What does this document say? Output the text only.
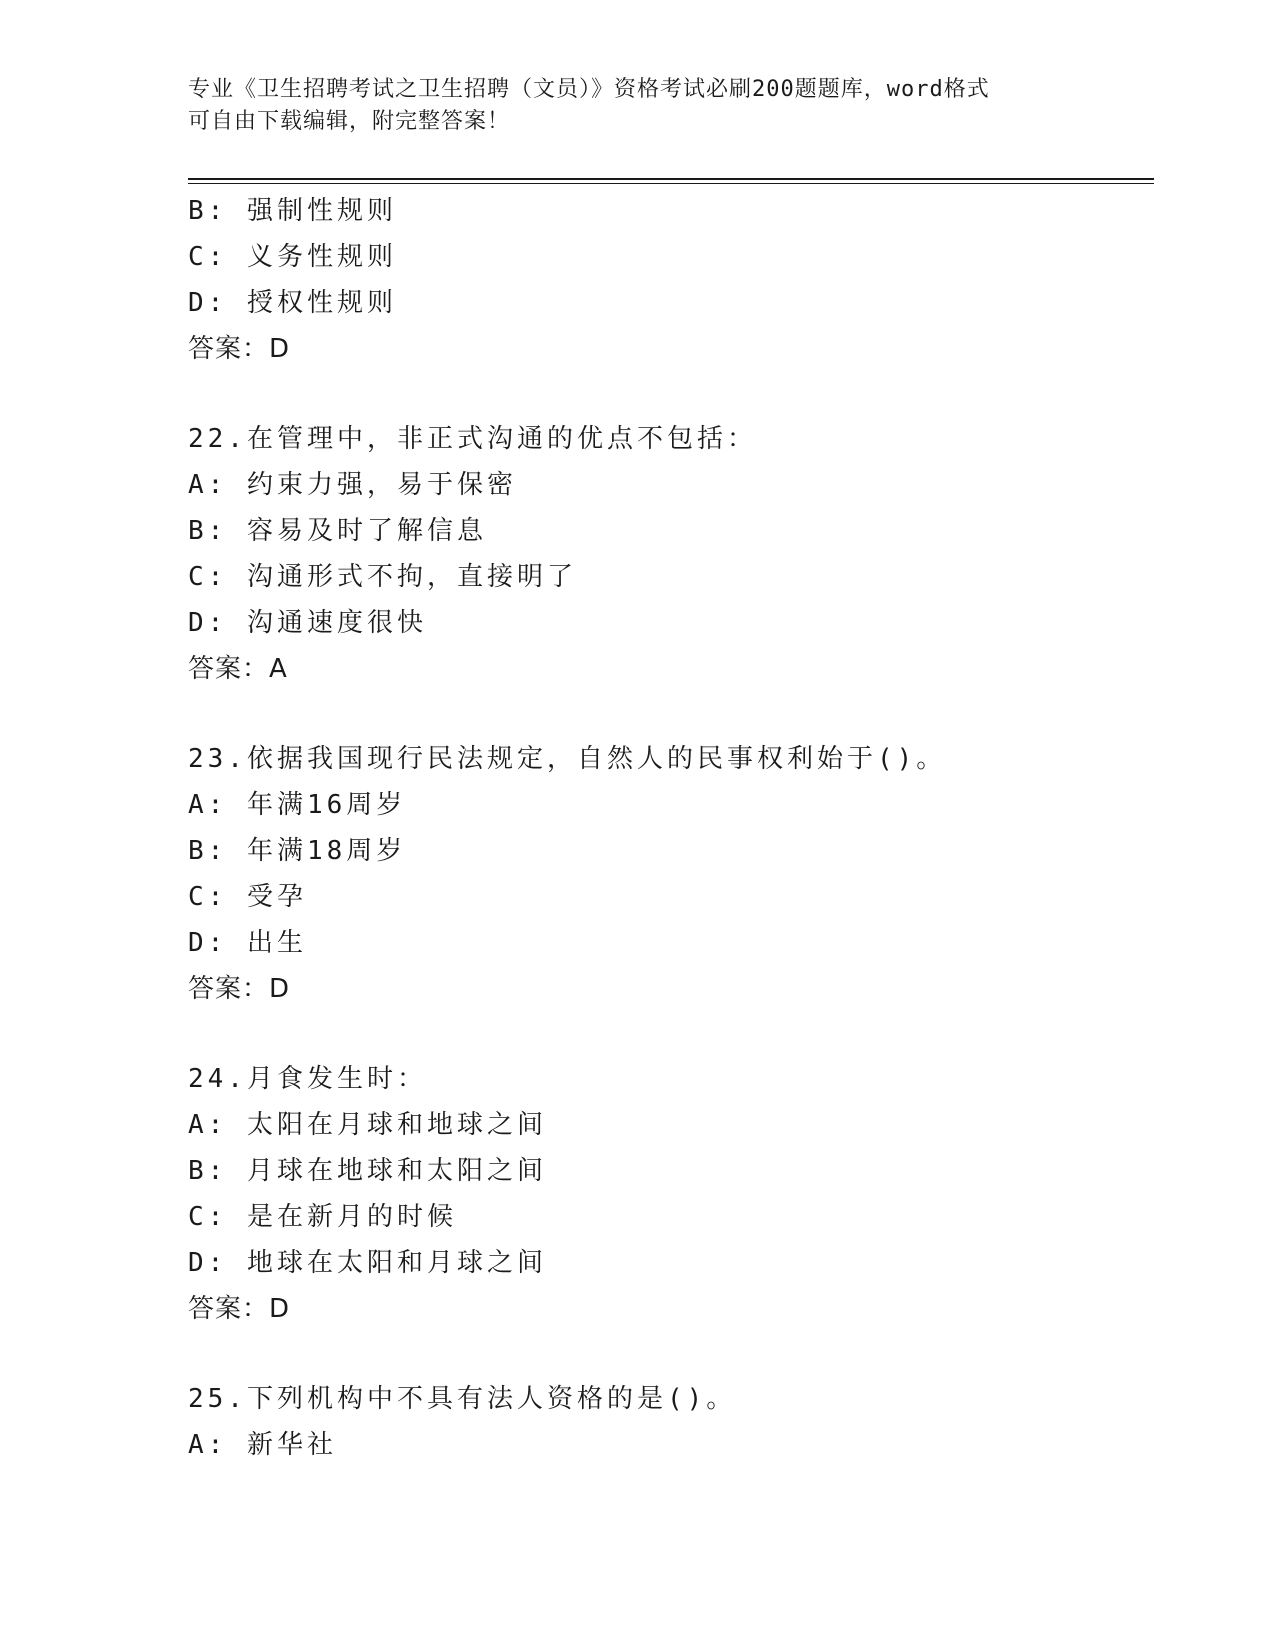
专业《卫生招聘考试之卫生招聘（文员）》资格考试必刷200题题库，word格式
可自由下载编辑，附完整答案！
B: 强制性规则
C: 义务性规则
D: 授权性规则
答案：D
22.在管理中，非正式沟通的优点不包括：
A: 约束力强，易于保密
B: 容易及时了解信息
C: 沟通形式不拘，直接明了
D: 沟通速度很快
答案：A
23.依据我国现行民法规定，自然人的民事权利始于()。
A: 年满16周岁
B: 年满18周岁
C: 受孕
D: 出生
答案：D
24.月食发生时：
A: 太阳在月球和地球之间
B: 月球在地球和太阳之间
C: 是在新月的时候
D: 地球在太阳和月球之间
答案：D
25.下列机构中不具有法人资格的是()。
A: 新华社
